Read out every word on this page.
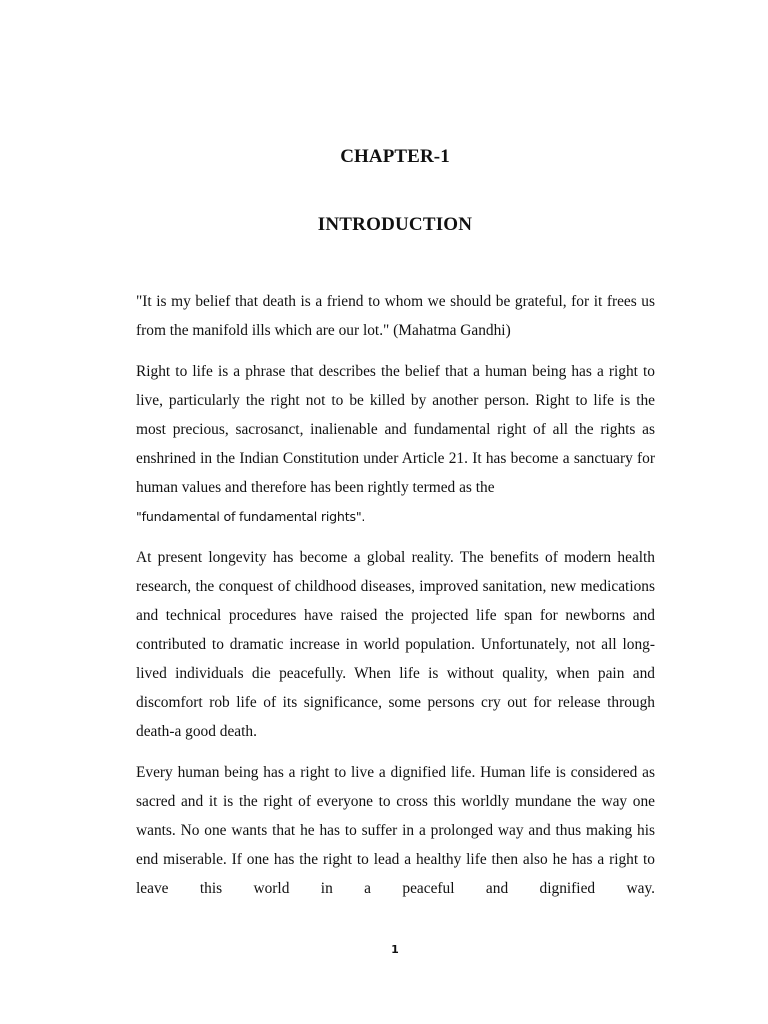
CHAPTER-1
INTRODUCTION

"It is my belief that death is a friend to whom we should be grateful, for it frees us from the manifold ills which are our lot." (Mahatma Gandhi)

Right to life is a phrase that describes the belief that a human being has a right to live, particularly the right not to be killed by another person. Right to life is the most precious, sacrosanct, inalienable and fundamental right of all the rights as enshrined in the Indian Constitution under Article 21. It has become a sanctuary for human values and therefore has been rightly termed as the
"fundamental of fundamental rights".

At present longevity has become a global reality. The benefits of modern health research, the conquest of childhood diseases, improved sanitation, new medications and technical procedures have raised the projected life span for newborns and contributed to dramatic increase in world population. Unfortunately, not all long-lived individuals die peacefully. When life is without quality, when pain and discomfort rob life of its significance, some persons cry out for release through death-a good death.

Every human being has a right to live a dignified life. Human life is considered as sacred and it is the right of everyone to cross this worldly mundane the way one wants. No one wants that he has to suffer in a prolonged way and thus making his end miserable. If one has the right to lead a healthy life then also he has a right to leave this world in a peaceful and dignified way.

1
